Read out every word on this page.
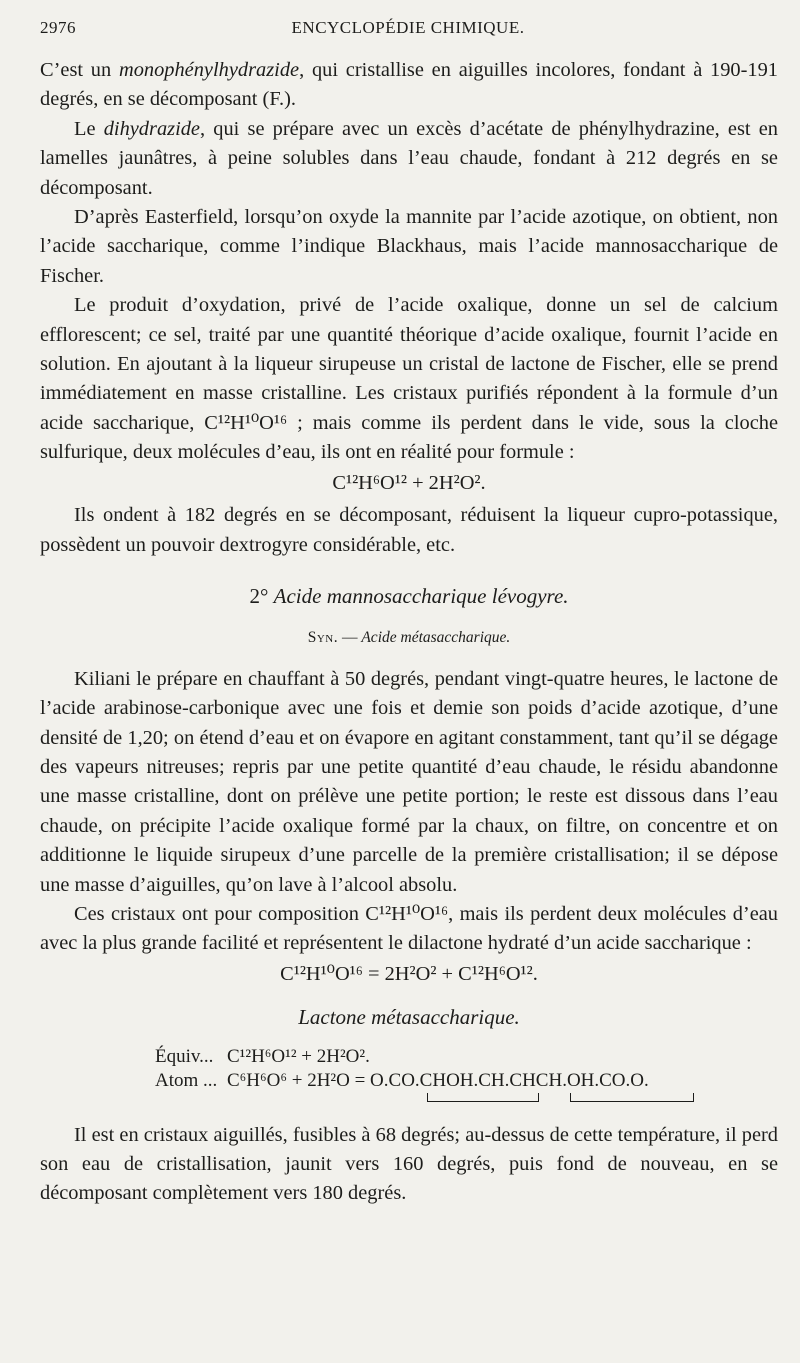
2976	ENCYCLOPÉDIE CHIMIQUE.

C’est un monophénylhydrazide, qui cristallise en aiguilles incolores, fondant à 190-191 degrés, en se décomposant (F.).

Le dihydrazide, qui se prépare avec un excès d’acétate de phénylhydrazine, est en lamelles jaunâtres, à peine solubles dans l’eau chaude, fondant à 212 degrés en se décomposant.

D’après Easterfield, lorsqu’on oxyde la mannite par l’acide azotique, on obtient, non l’acide saccharique, comme l’indique Blackhaus, mais l’acide mannosaccharique de Fischer.

Le produit d’oxydation, privé de l’acide oxalique, donne un sel de calcium efflorescent; ce sel, traité par une quantité théorique d’acide oxalique, fournit l’acide en solution. En ajoutant à la liqueur sirupeuse un cristal de lactone de Fischer, elle se prend immédiatement en masse cristalline. Les cristaux purifiés répondent à la formule d’un acide saccharique, C¹²H¹⁰O¹⁶ ; mais comme ils perdent dans le vide, sous la cloche sulfurique, deux molécules d’eau, ils ont en réalité pour formule :

C¹²H⁶O¹² + 2H²O².

Ils ondent à 182 degrés en se décomposant, réduisent la liqueur cupro-potassique, possèdent un pouvoir dextrogyre considérable, etc.

2° Acide mannosaccharique lévogyre.
Syn. — Acide métasaccharique.

Kiliani le prépare en chauffant à 50 degrés, pendant vingt-quatre heures, le lactone de l’acide arabinose-carbonique avec une fois et demie son poids d’acide azotique, d’une densité de 1,20; on étend d’eau et on évapore en agitant constamment, tant qu’il se dégage des vapeurs nitreuses; repris par une petite quantité d’eau chaude, le résidu abandonne une masse cristalline, dont on prélève une petite portion; le reste est dissous dans l’eau chaude, on précipite l’acide oxalique formé par la chaux, on filtre, on concentre et on additionne le liquide sirupeux d’une parcelle de la première cristallisation; il se dépose une masse d’aiguilles, qu’on lave à l’alcool absolu.

Ces cristaux ont pour composition C¹²H¹⁰O¹⁶, mais ils perdent deux molécules d’eau avec la plus grande facilité et représentent le dilactone hydraté d’un acide saccharique :

C¹²H¹⁰O¹⁶ = 2H²O² + C¹²H⁶O¹².
Lactone métasaccharique.
Équiv... C¹²H⁶O¹² + 2H²O².
Atom ... C⁶H⁶O⁶ + 2H²O = O.CO.CHOH.CH.CHCH.OH.CO.O.

Il est en cristaux aiguillés, fusibles à 68 degrés; au-dessus de cette température, il perd son eau de cristallisation, jaunit vers 160 degrés, puis fond de nouveau, en se décomposant complètement vers 180 degrés.
